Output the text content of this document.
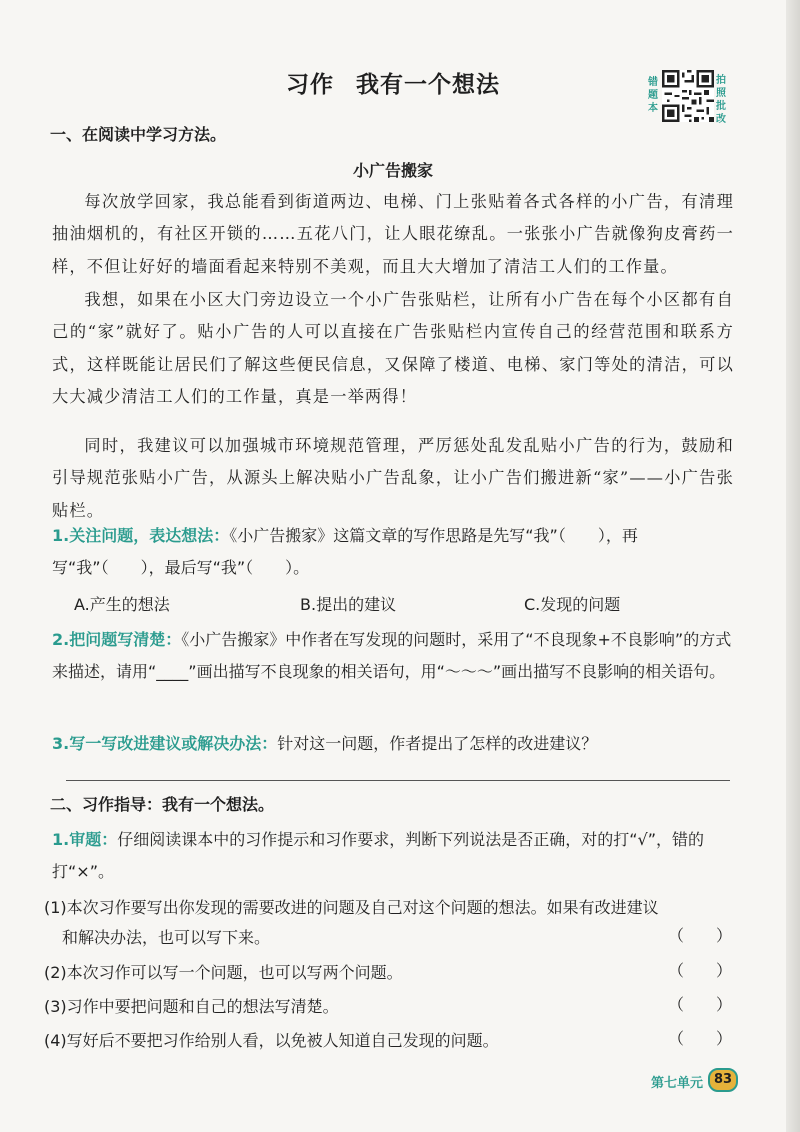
习作 我有一个想法	错题本
拍照批改
一、在阅读中学习方法。
小广告搬家
每次放学回家，我总能看到街道两边、电梯、门上张贴着各式各样的小广告，有清理抽油烟机的，有社区开锁的……五花八门，让人眼花缭乱。一张张小广告就像狗皮膏药一样，不但让好好的墙面看起来特别不美观，而且大大增加了清洁工人们的工作量。
我想，如果在小区大门旁边设立一个小广告张贴栏，让所有小广告在每个小区都有自己的“家”就好了。贴小广告的人可以直接在广告张贴栏内宣传自己的经营范围和联系方式，这样既能让居民们了解这些便民信息，又保障了楼道、电梯、家门等处的清洁，可以大大减少清洁工人们的工作量，真是一举两得！
同时，我建议可以加强城市环境规范管理，严厉惩处乱发乱贴小广告的行为，鼓励和引导规范张贴小广告，从源头上解决贴小广告乱象，让小广告们搬进新“家”——小广告张贴栏。
1.关注问题，表达想法：《小广告搬家》这篇文章的写作思路是先写“我”（　　），再写“我”（　　），最后写“我”（　　）。
A.产生的想法	B.提出的建议	C.发现的问题
2.把问题写清楚：《小广告搬家》中作者在写发现的问题时，采用了“不良现象+不良影响”的方式来描述，请用“____”画出描写不良现象的相关语句，用“～～～”画出描写不良影响的相关语句。
3.写一写改进建议或解决办法：针对这一问题，作者提出了怎样的改进建议？
二、习作指导：我有一个想法。
1.审题：仔细阅读课本中的习作提示和习作要求，判断下列说法是否正确，对的打“√”，错的打“×”。
(1)本次习作要写出你发现的需要改进的问题及自己对这个问题的想法。如果有改进建议和解决办法，也可以写下来。	（　　）
(2)本次习作可以写一个问题，也可以写两个问题。	（　　）
(3)习作中要把问题和自己的想法写清楚。	（　　）
(4)写好后不要把习作给别人看，以免被人知道自己发现的问题。	（　　）
第七单元 83
